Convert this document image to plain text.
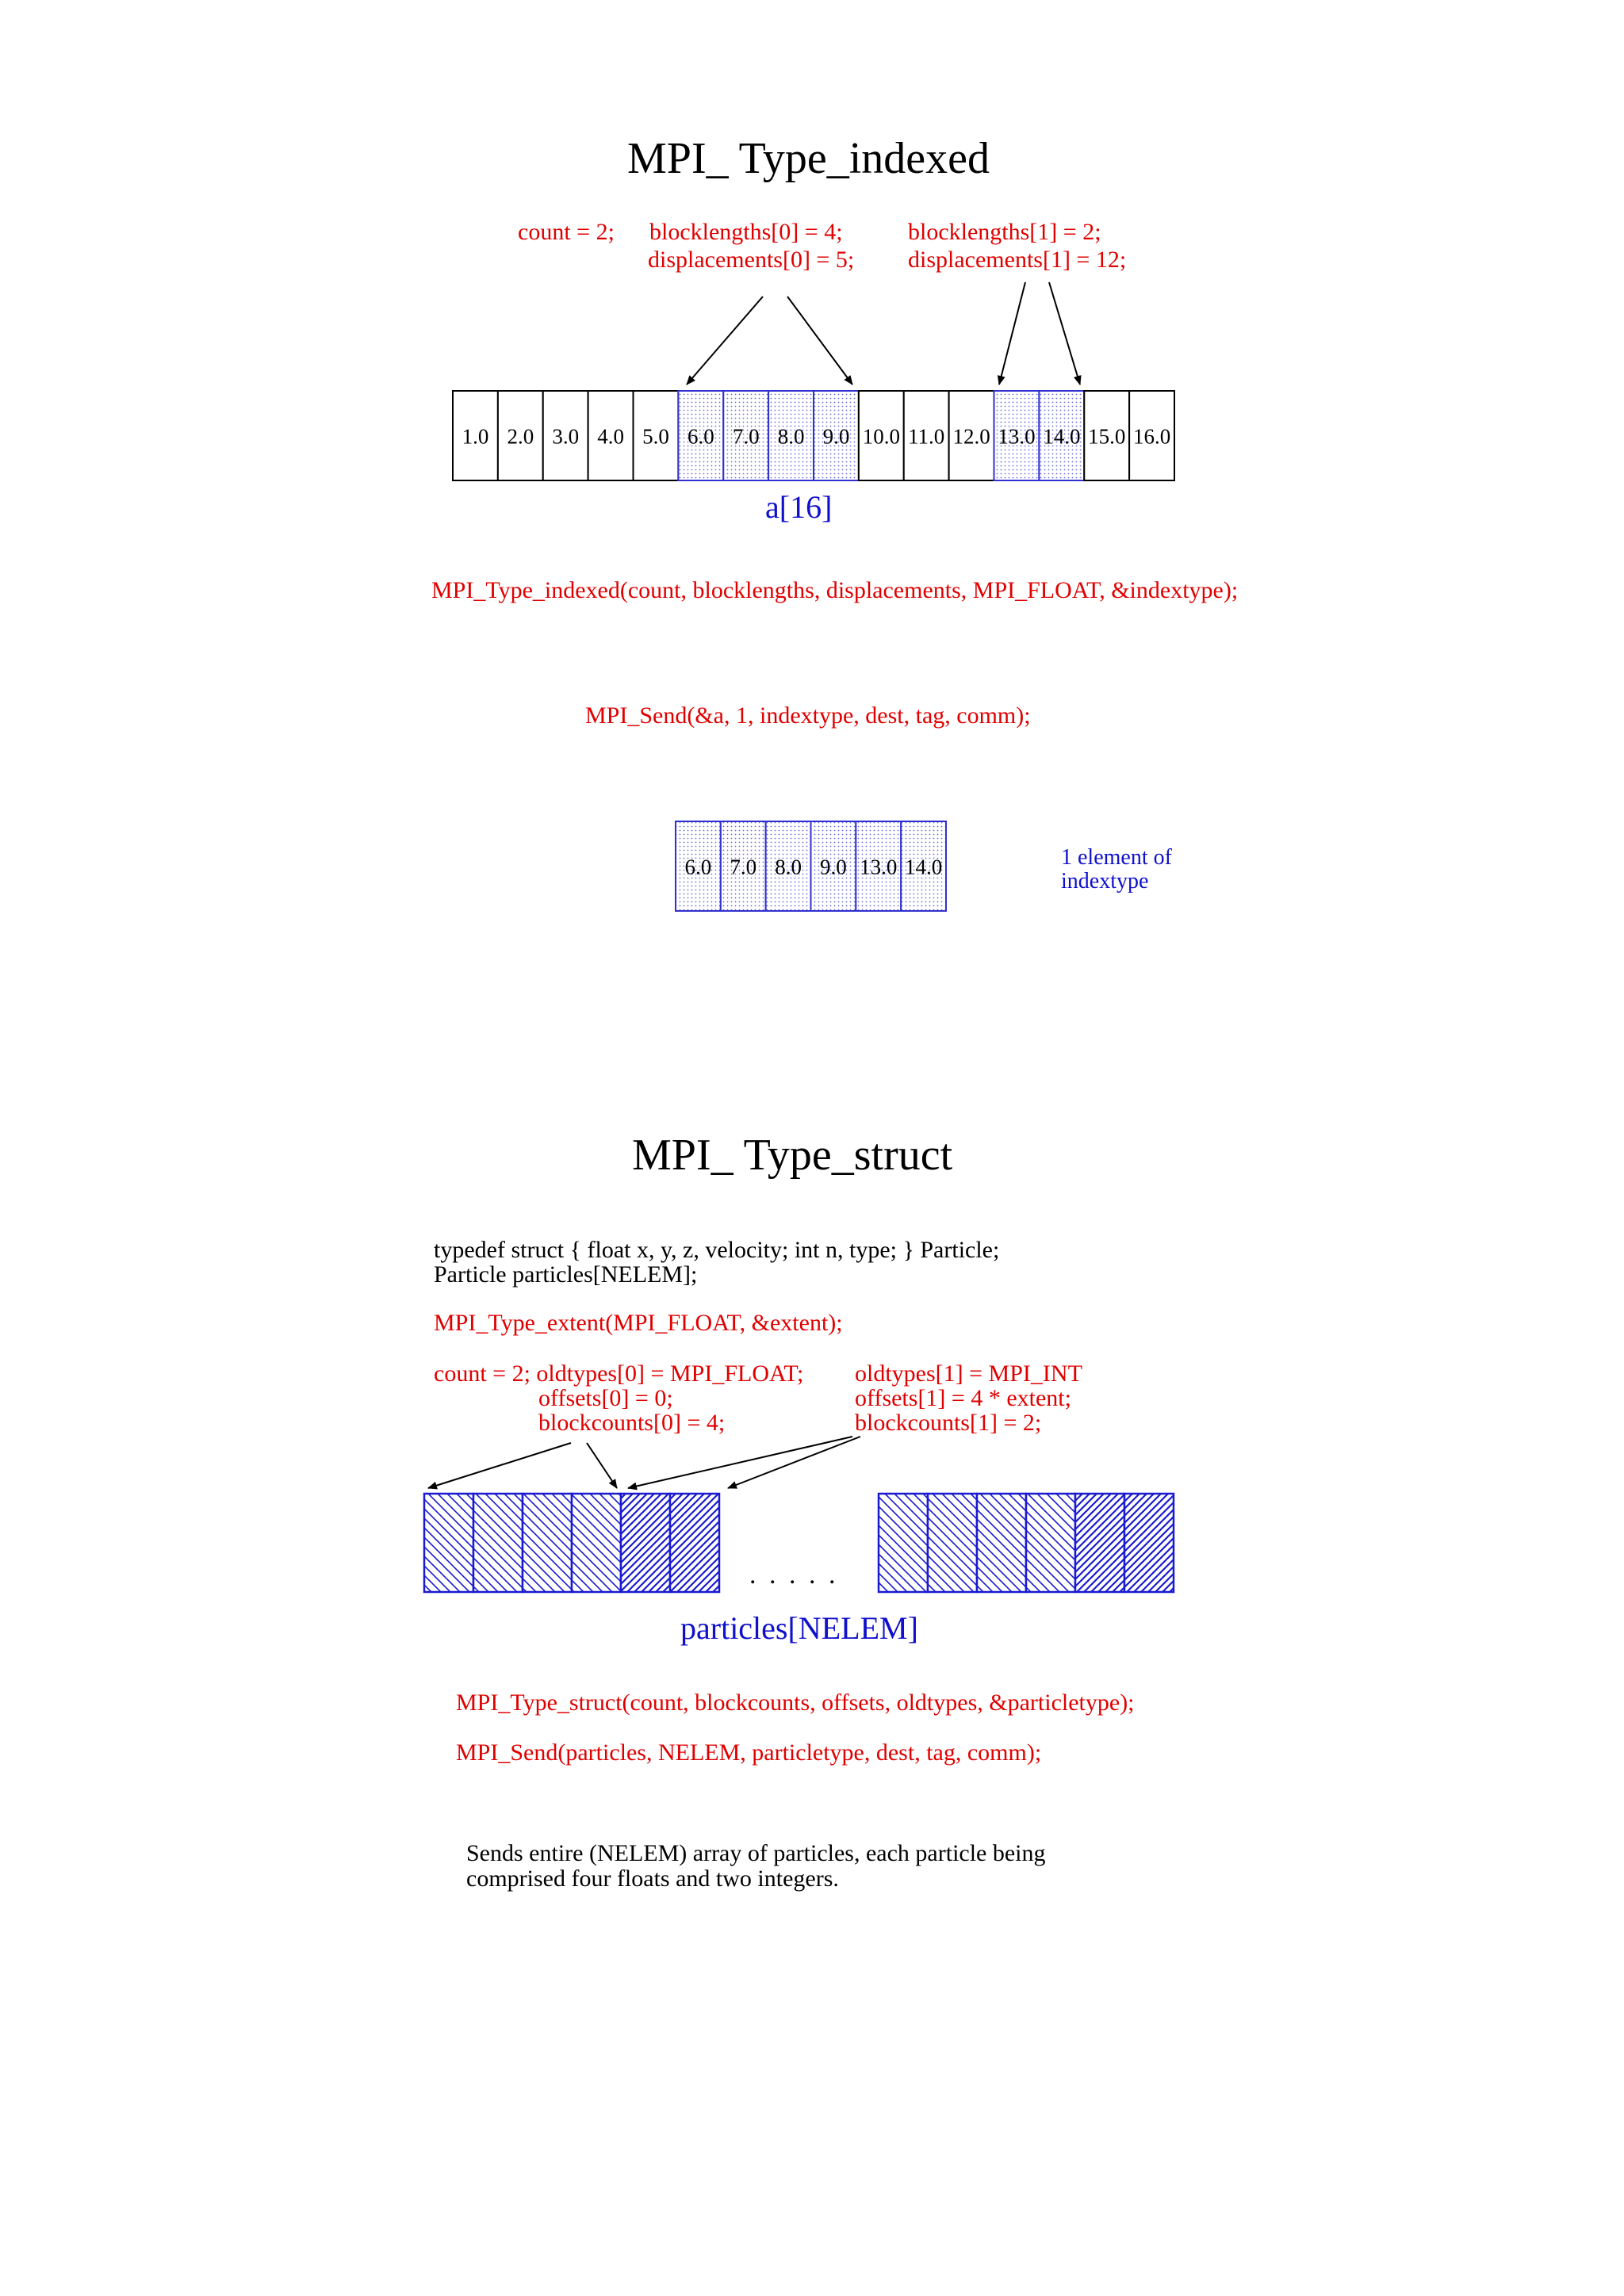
MPI_ Type_indexed
count = 2; blocklengths[0] = 4;
displacements[0] = 5;
blocklengths[1] = 2;
displacements[1] = 12;
1.0 2.0 3.0 4.0 5.0 6.0 7.0 8.0 9.0 10.0 11.0 12.0 13.0 14.0 15.0 16.0
6.0 7.0 8.0 9.0 13.0 14.0
a[16]
MPI_Type_indexed(count, blocklengths, displacements, MPI_FLOAT, &indextype);
MPI_Send(&a, 1, indextype, dest, tag, comm);
1 element of
indextype
MPI_ Type_struct
typedef struct { float x, y, z, velocity; int n, type; } Particle;
Particle particles[NELEM];
MPI_Type_extent(MPI_FLOAT, &extent);
count = 2; oldtypes[0] = MPI_FLOAT;
offsets[0] = 0;
blockcounts[0] = 4;
oldtypes[1] = MPI_INT
offsets[1] = 4 * extent;
blockcounts[1] = 2;
. . . . .
particles[NELEM]
MPI_Type_struct(count, blockcounts, offsets, oldtypes, &particletype);
MPI_Send(particles, NELEM, particletype, dest, tag, comm);
Sends entire (NELEM) array of particles, each particle being
comprised four floats and two integers.
